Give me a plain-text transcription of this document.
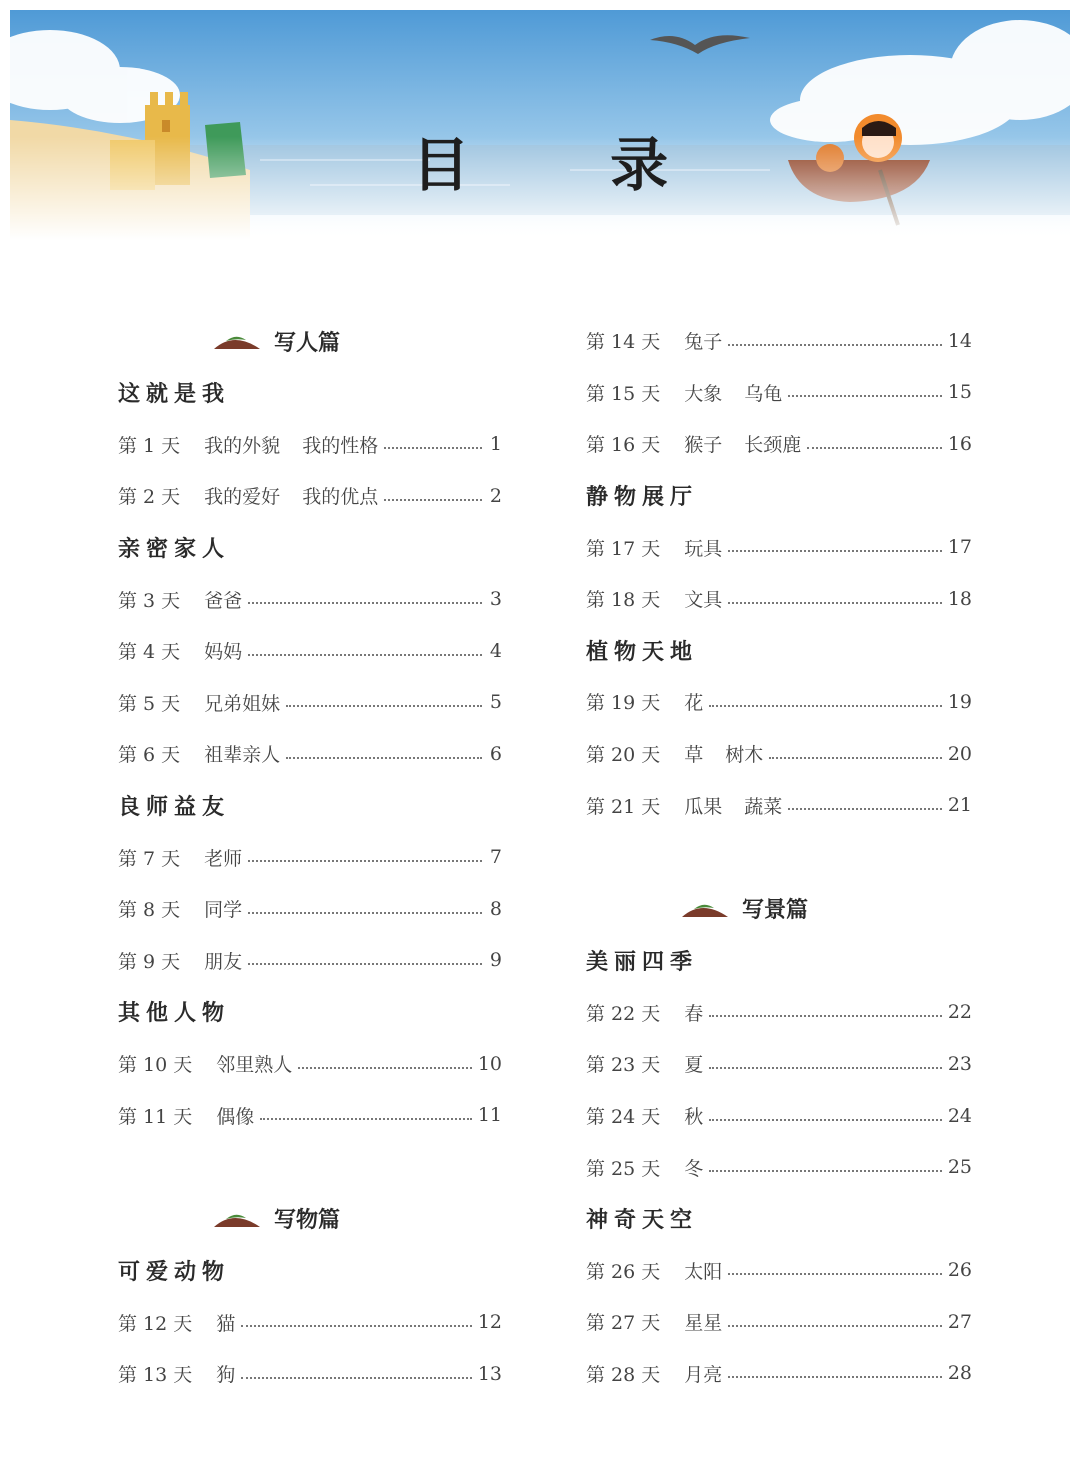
目 录
写人篇
这就是我
第 1 天 我的外貌 我的性格	1
第 2 天 我的爱好 我的优点	2
亲密家人
第 3 天 爸爸	3
第 4 天 妈妈	4
第 5 天 兄弟姐妹	5
第 6 天 祖辈亲人	6
良师益友
第 7 天 老师	7
第 8 天 同学	8
第 9 天 朋友	9
其他人物
第 10 天 邻里熟人	10
第 11 天 偶像	11
写物篇
可爱动物
第 12 天 猫	12
第 13 天 狗	13
第 14 天 兔子	14
第 15 天 大象 乌龟	15
第 16 天 猴子 长颈鹿	16
静物展厅
第 17 天 玩具	17
第 18 天 文具	18
植物天地
第 19 天 花	19
第 20 天 草 树木	20
第 21 天 瓜果 蔬菜	21
写景篇
美丽四季
第 22 天 春	22
第 23 天 夏	23
第 24 天 秋	24
第 25 天 冬	25
神奇天空
第 26 天 太阳	26
第 27 天 星星	27
第 28 天 月亮	28
